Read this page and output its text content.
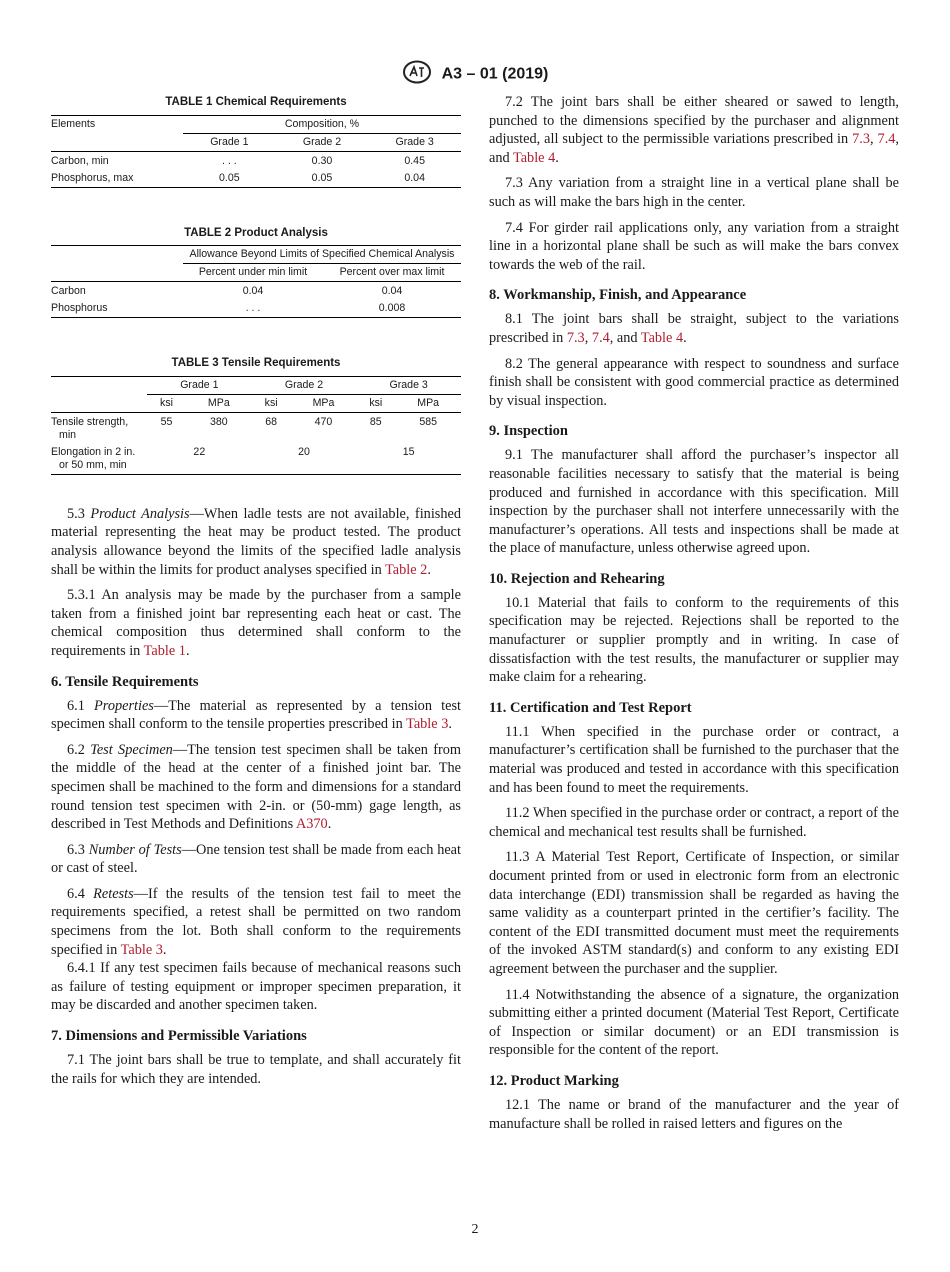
A3 – 01 (2019)
TABLE 1 Chemical Requirements
Elements	Composition, %		
	Grade 1	Grade 2	Grade 3
Carbon, min	. . .	0.30	0.45
Phosphorus, max	0.05	0.05	0.04
TABLE 2 Product Analysis
	Allowance Beyond Limits of Specified Chemical Analysis	
	Percent under min limit	Percent over max limit
Carbon	0.04	0.04
Phosphorus	. . .	0.008
TABLE 3 Tensile Requirements
	Grade 1		Grade 2		Grade 3	
	ksi	MPa	ksi	MPa	ksi	MPa
Tensile strength, min	55	380	68	470	85	585
Elongation in 2 in. or 50 mm, min	22		20		15	

5.3 Product Analysis—When ladle tests are not available, finished material representing the heat may be product tested. The product analysis allowance beyond the limits of the specified ladle analysis shall be within the limits for product analyses specified in Table 2.

5.3.1 An analysis may be made by the purchaser from a sample taken from a finished joint bar representing each heat or cast. The chemical composition thus determined shall conform to the requirements in Table 1.

6. Tensile Requirements

6.1 Properties—The material as represented by a tension test specimen shall conform to the tensile properties prescribed in Table 3.

6.2 Test Specimen—The tension test specimen shall be taken from the middle of the head at the center of a finished joint bar. The specimen shall be machined to the form and dimensions for a standard round tension test specimen with 2-in. or (50-mm) gage length, as described in Test Methods and Definitions A370.

6.3 Number of Tests—One tension test shall be made from each heat or cast of steel.

6.4 Retests—If the results of the tension test fail to meet the requirements specified, a retest shall be permitted on two random specimens from the lot. Both shall conform to the requirements specified in Table 3.

6.4.1 If any test specimen fails because of mechanical reasons such as failure of testing equipment or improper specimen preparation, it may be discarded and another specimen taken.

7. Dimensions and Permissible Variations

7.1 The joint bars shall be true to template, and shall accurately fit the rails for which they are intended.

7.2 The joint bars shall be either sheared or sawed to length, punched to the dimensions specified by the purchaser and alignment adjusted, all subject to the permissible variations prescribed in 7.3, 7.4, and Table 4.

7.3 Any variation from a straight line in a vertical plane shall be such as will make the bars high in the center.

7.4 For girder rail applications only, any variation from a straight line in a horizontal plane shall be such as will make the bars convex towards the web of the rail.

8. Workmanship, Finish, and Appearance

8.1 The joint bars shall be straight, subject to the variations prescribed in 7.3, 7.4, and Table 4.

8.2 The general appearance with respect to soundness and surface finish shall be consistent with good commercial practice as determined by visual inspection.

9. Inspection

9.1 The manufacturer shall afford the purchaser’s inspector all reasonable facilities necessary to satisfy that the material is being produced and furnished in accordance with this specification. Mill inspection by the purchaser shall not interfere unnecessarily with the manufacturer’s operations. All tests and inspections shall be made at the place of manufacture, unless otherwise agreed upon.

10. Rejection and Rehearing

10.1 Material that fails to conform to the requirements of this specification may be rejected. Rejections shall be reported to the manufacturer or supplier promptly and in writing. In case of dissatisfaction with the test results, the manufacturer or supplier may make claim for a rehearing.

11. Certification and Test Report

11.1 When specified in the purchase order or contract, a manufacturer’s certification shall be furnished to the purchaser that the material was produced and tested in accordance with this specification and has been found to meet the requirements.

11.2 When specified in the purchase order or contract, a report of the chemical and mechanical test results shall be furnished.

11.3 A Material Test Report, Certificate of Inspection, or similar document printed from or used in electronic form from an electronic data interchange (EDI) transmission shall be regarded as having the same validity as a counterpart printed in the certifier’s facility. The content of the EDI transmitted document must meet the requirements of the invoked ASTM standard(s) and conform to any existing EDI agreement between the purchaser and the supplier.

11.4 Notwithstanding the absence of a signature, the organization submitting either a printed document (Material Test Report, Certificate of Inspection or similar document) or an EDI transmission is responsible for the content of the report.

12. Product Marking

12.1 The name or brand of the manufacturer and the year of manufacture shall be rolled in raised letters and figures on the

2
